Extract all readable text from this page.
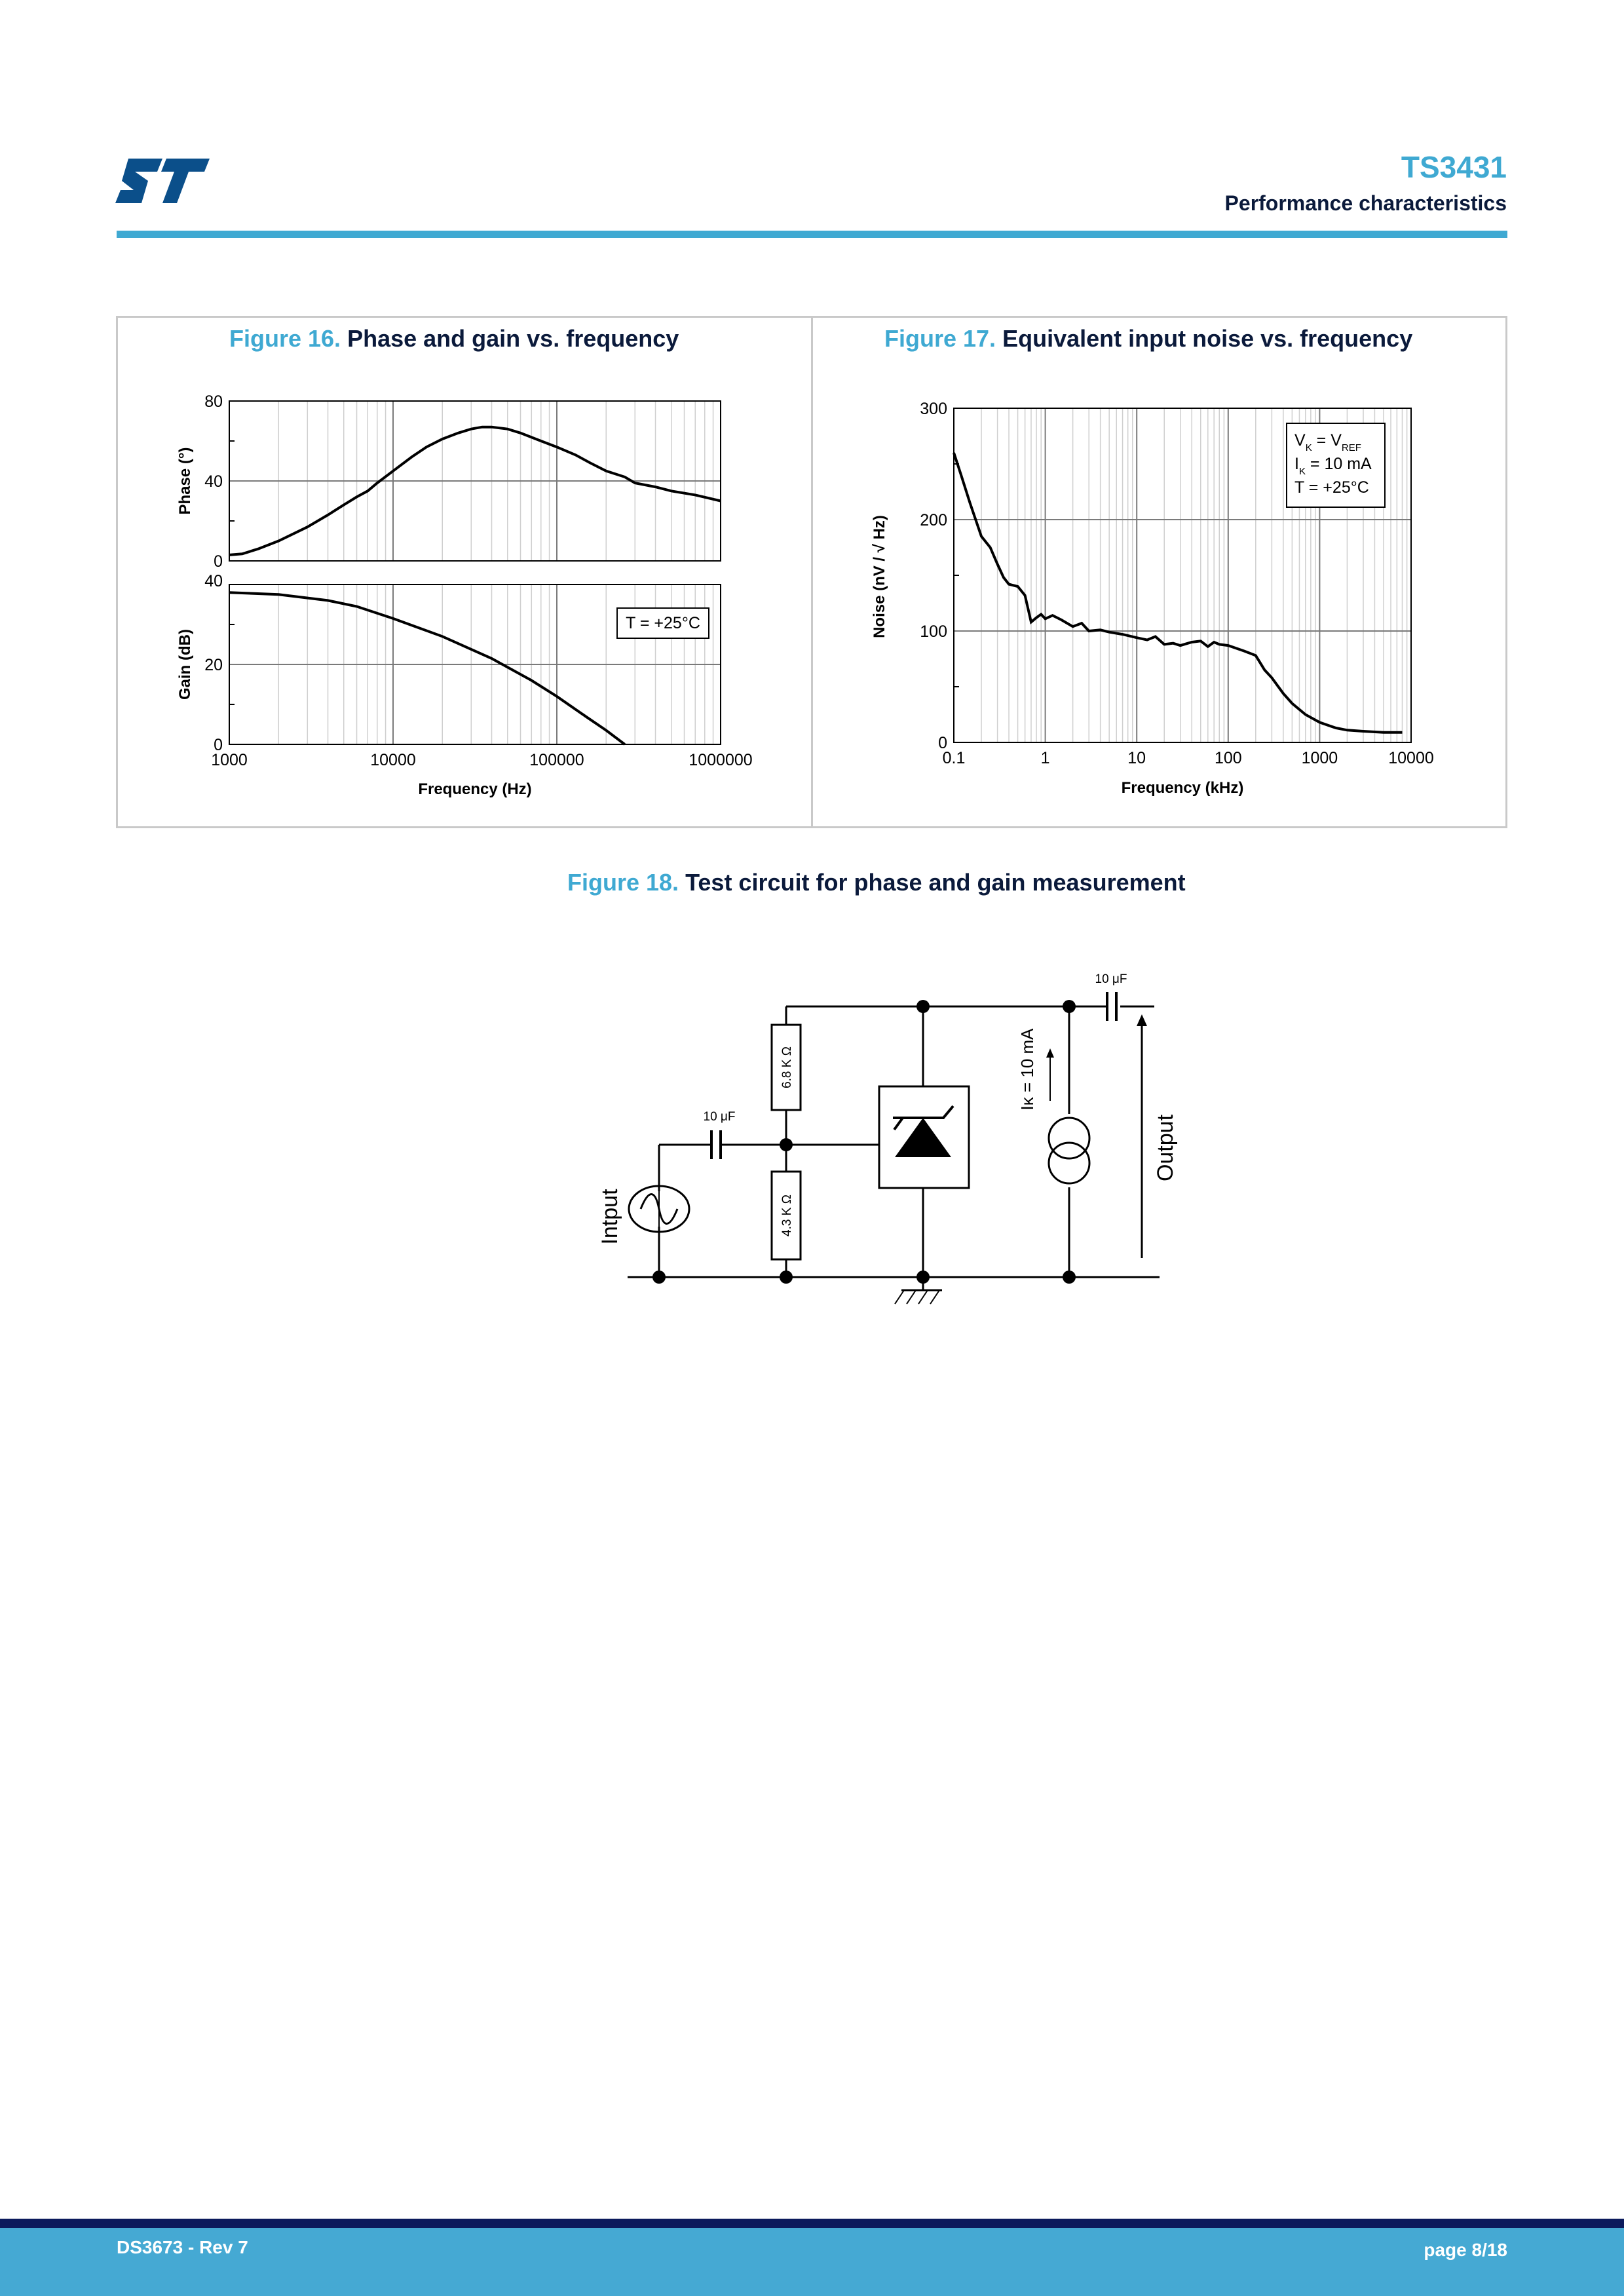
TS3431
Performance characteristics
Figure 16. Phase and gain vs. frequency	Figure 17. Equivalent input noise vs. frequency
Figure 18. Test circuit for phase and gain measurement
0
40
80
0
20
40
1000	10000	100000	1000000
Phase (°)
Gain (dB)
Frequency (Hz)
T = +25°C
0
100
200
300
0.1	1	10	100	1000	10000
Noise (nV / √ Hz)
Frequency (kHz)
$V_K = V_{REF}$
$I_K = 10$ mA
T = +25°C
10 μF
10 μF
6.8 K Ω
4.3 K Ω
Intput
Output
Iκ = 10 mA
DS3673 - Rev 7	page 8/18
